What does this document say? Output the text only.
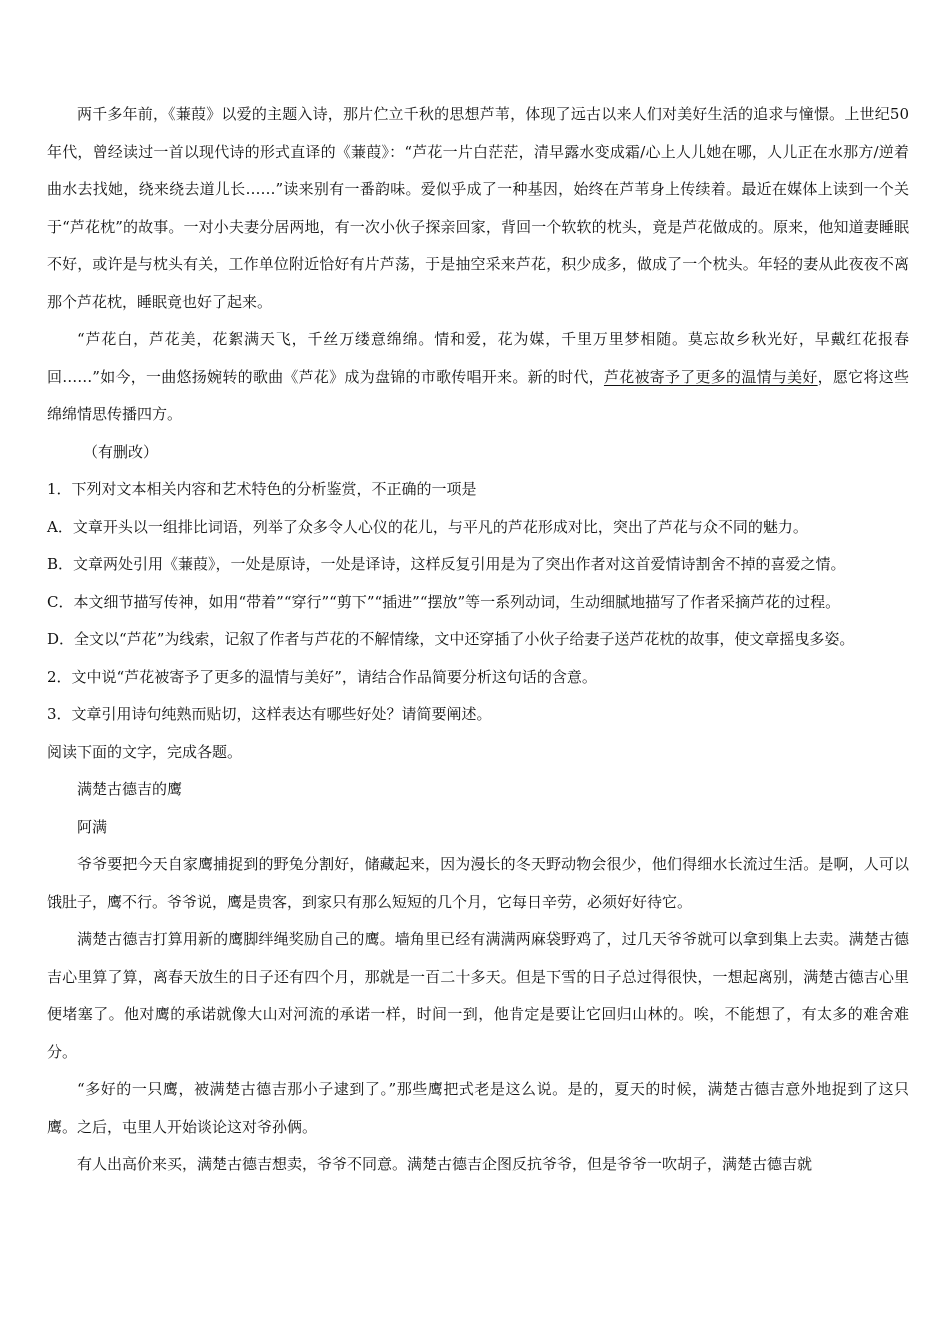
两千多年前，《蒹葭》以爱的主题入诗，那片伫立千秋的思想芦苇，体现了远古以来人们对美好生活的追求与憧憬。上世纪50年代，曾经读过一首以现代诗的形式直译的《蒹葭》：“芦花一片白茫茫，清早露水变成霜/心上人儿她在哪，人儿正在水那方/逆着曲水去找她，绕来绕去道儿长……”读来别有一番韵味。爱似乎成了一种基因，始终在芦苇身上传续着。最近在媒体上读到一个关于“芦花枕”的故事。一对小夫妻分居两地，有一次小伙子探亲回家，背回一个软软的枕头，竟是芦花做成的。原来，他知道妻睡眠不好，或许是与枕头有关，工作单位附近恰好有片芦荡，于是抽空采来芦花，积少成多，做成了一个枕头。年轻的妻从此夜夜不离那个芦花枕，睡眠竟也好了起来。

“芦花白，芦花美，花絮满天飞，千丝万缕意绵绵。情和爱，花为媒，千里万里梦相随。莫忘故乡秋光好，早戴红花报春回……”如今，一曲悠扬婉转的歌曲《芦花》成为盘锦的市歌传唱开来。新的时代，芦花被寄予了更多的温情与美好，愿它将这些绵绵情思传播四方。

（有删改）

1．下列对文本相关内容和艺术特色的分析鉴赏，不正确的一项是

A．文章开头以一组排比词语，列举了众多令人心仪的花儿，与平凡的芦花形成对比，突出了芦花与众不同的魅力。

B．文章两处引用《蒹葭》，一处是原诗，一处是译诗，这样反复引用是为了突出作者对这首爱情诗割舍不掉的喜爱之情。

C．本文细节描写传神，如用“带着”“穿行”“剪下”“插进”“摆放”等一系列动词，生动细腻地描写了作者采摘芦花的过程。

D．全文以“芦花”为线索，记叙了作者与芦花的不解情缘，文中还穿插了小伙子给妻子送芦花枕的故事，使文章摇曳多姿。

2．文中说“芦花被寄予了更多的温情与美好”，请结合作品简要分析这句话的含意。

3．文章引用诗句纯熟而贴切，这样表达有哪些好处？请简要阐述。

阅读下面的文字，完成各题。

满楚古德吉的鹰

阿满

爷爷要把今天自家鹰捕捉到的野兔分割好，储藏起来，因为漫长的冬天野动物会很少，他们得细水长流过生活。是啊，人可以饿肚子，鹰不行。爷爷说，鹰是贵客，到家只有那么短短的几个月，它每日辛劳，必须好好待它。

满楚古德吉打算用新的鹰脚绊绳奖励自己的鹰。墙角里已经有满满两麻袋野鸡了，过几天爷爷就可以拿到集上去卖。满楚古德吉心里算了算，离春天放生的日子还有四个月，那就是一百二十多天。但是下雪的日子总过得很快，一想起离别，满楚古德吉心里便堵塞了。他对鹰的承诺就像大山对河流的承诺一样，时间一到，他肯定是要让它回归山林的。唉，不能想了，有太多的难舍难分。

“多好的一只鹰，被满楚古德吉那小子逮到了。”那些鹰把式老是这么说。是的，夏天的时候，满楚古德吉意外地捉到了这只鹰。之后，屯里人开始谈论这对爷孙俩。

有人出高价来买，满楚古德吉想卖，爷爷不同意。满楚古德吉企图反抗爷爷，但是爷爷一吹胡子，满楚古德吉就
